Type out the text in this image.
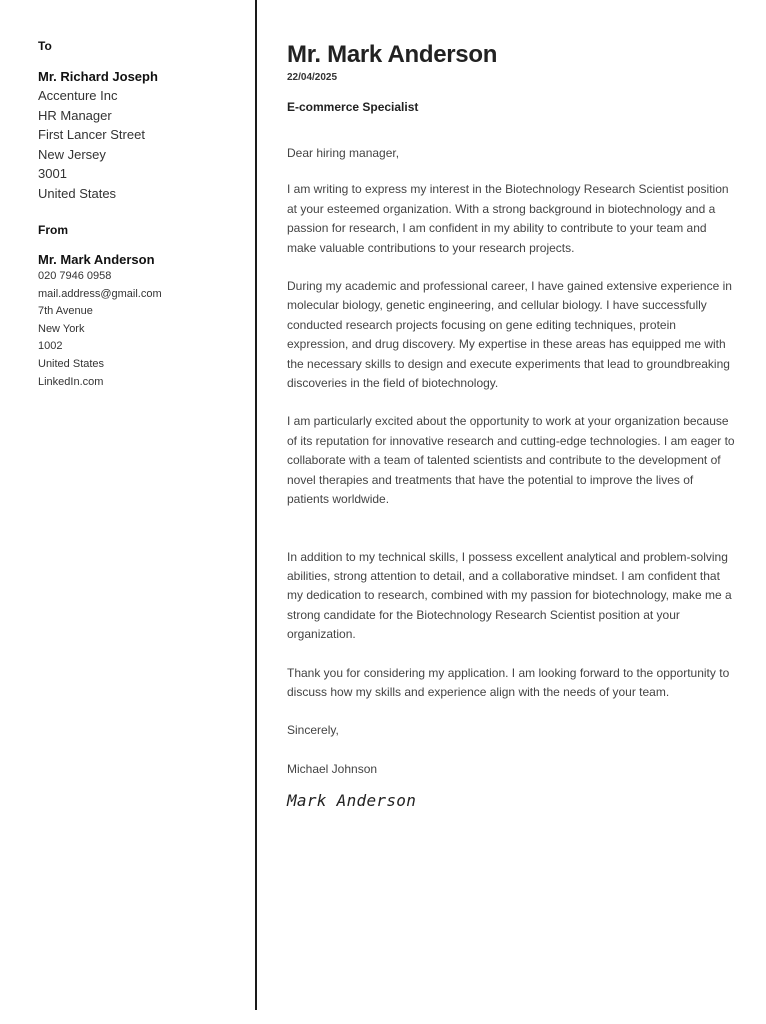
To
Mr. Richard Joseph
Accenture Inc
HR Manager
First Lancer Street
New Jersey
3001
United States
From
Mr. Mark Anderson
020 7946 0958
mail.address@gmail.com
7th Avenue
New York
1002
United States
LinkedIn.com
Mr. Mark Anderson
22/04/2025
E-commerce Specialist

Dear hiring manager,

I am writing to express my interest in the Biotechnology Research Scientist position at your esteemed organization. With a strong background in biotechnology and a passion for research, I am confident in my ability to contribute to your team and make valuable contributions to your research projects.

During my academic and professional career, I have gained extensive experience in molecular biology, genetic engineering, and cellular biology. I have successfully conducted research projects focusing on gene editing techniques, protein expression, and drug discovery. My expertise in these areas has equipped me with the necessary skills to design and execute experiments that lead to groundbreaking discoveries in the field of biotechnology.

I am particularly excited about the opportunity to work at your organization because of its reputation for innovative research and cutting-edge technologies. I am eager to collaborate with a team of talented scientists and contribute to the development of novel therapies and treatments that have the potential to improve the lives of patients worldwide.

In addition to my technical skills, I possess excellent analytical and problem-solving abilities, strong attention to detail, and a collaborative mindset. I am confident that my dedication to research, combined with my passion for biotechnology, make me a strong candidate for the Biotechnology Research Scientist position at your organization.

Thank you for considering my application. I am looking forward to the opportunity to discuss how my skills and experience align with the needs of your team.

Sincerely,

Michael Johnson

Mark Anderson
